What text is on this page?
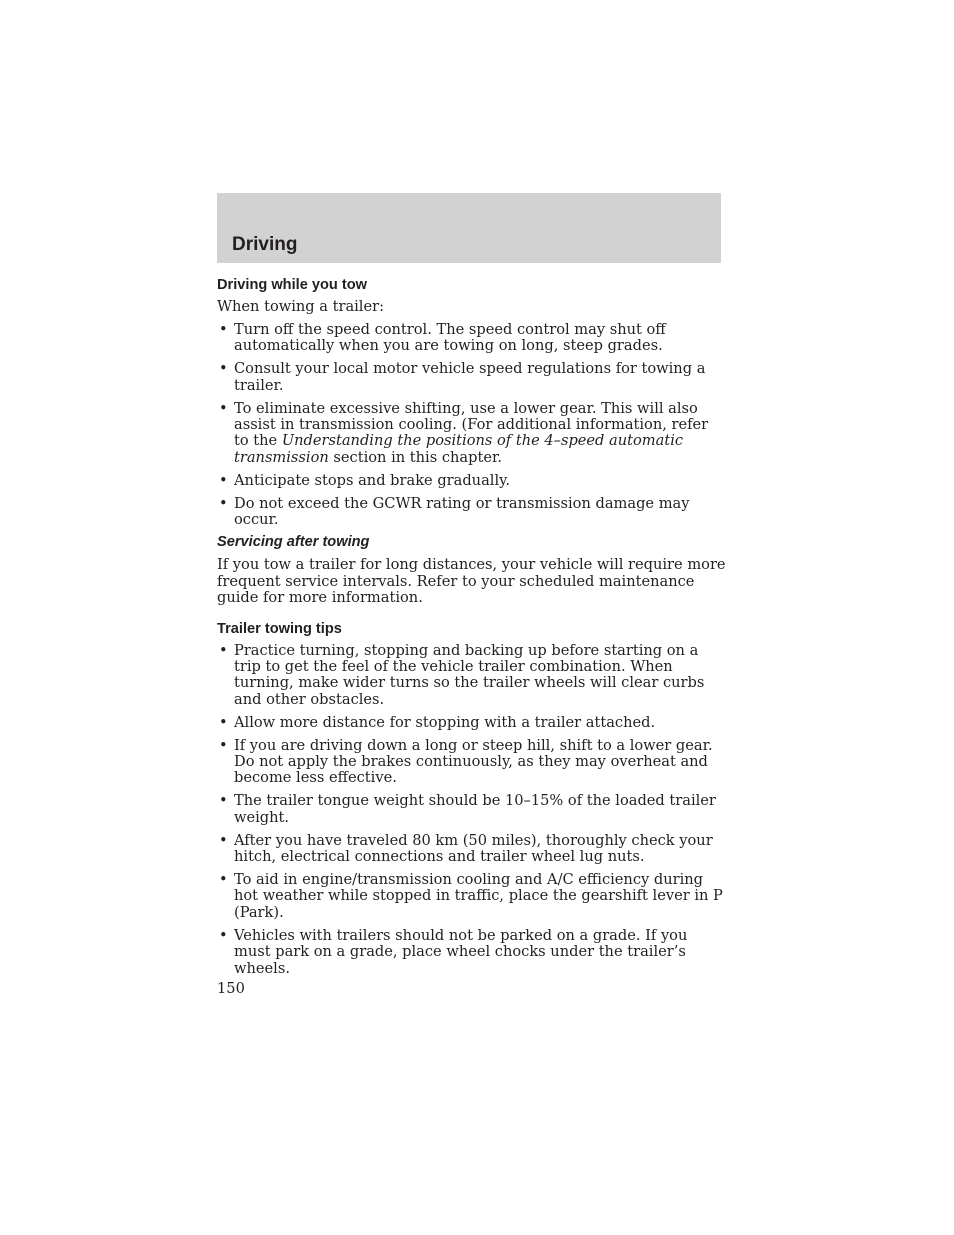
Driving
Driving while you tow

When towing a trailer:

• Turn off the speed control. The speed control may shut off automatically when you are towing on long, steep grades.
• Consult your local motor vehicle speed regulations for towing a trailer.
• To eliminate excessive shifting, use a lower gear. This will also assist in transmission cooling. (For additional information, refer to the Understanding the positions of the 4–speed automatic transmission section in this chapter.
• Anticipate stops and brake gradually.
• Do not exceed the GCWR rating or transmission damage may occur.
Servicing after towing

If you tow a trailer for long distances, your vehicle will require more frequent service intervals. Refer to your scheduled maintenance guide for more information.

Trailer towing tips
• Practice turning, stopping and backing up before starting on a trip to get the feel of the vehicle trailer combination. When turning, make wider turns so the trailer wheels will clear curbs and other obstacles.
• Allow more distance for stopping with a trailer attached.
• If you are driving down a long or steep hill, shift to a lower gear. Do not apply the brakes continuously, as they may overheat and become less effective.
• The trailer tongue weight should be 10–15% of the loaded trailer weight.
• After you have traveled 80 km (50 miles), thoroughly check your hitch, electrical connections and trailer wheel lug nuts.
• To aid in engine/transmission cooling and A/C efficiency during hot weather while stopped in traffic, place the gearshift lever in P (Park).
• Vehicles with trailers should not be parked on a grade. If you must park on a grade, place wheel chocks under the trailer’s wheels.
150
